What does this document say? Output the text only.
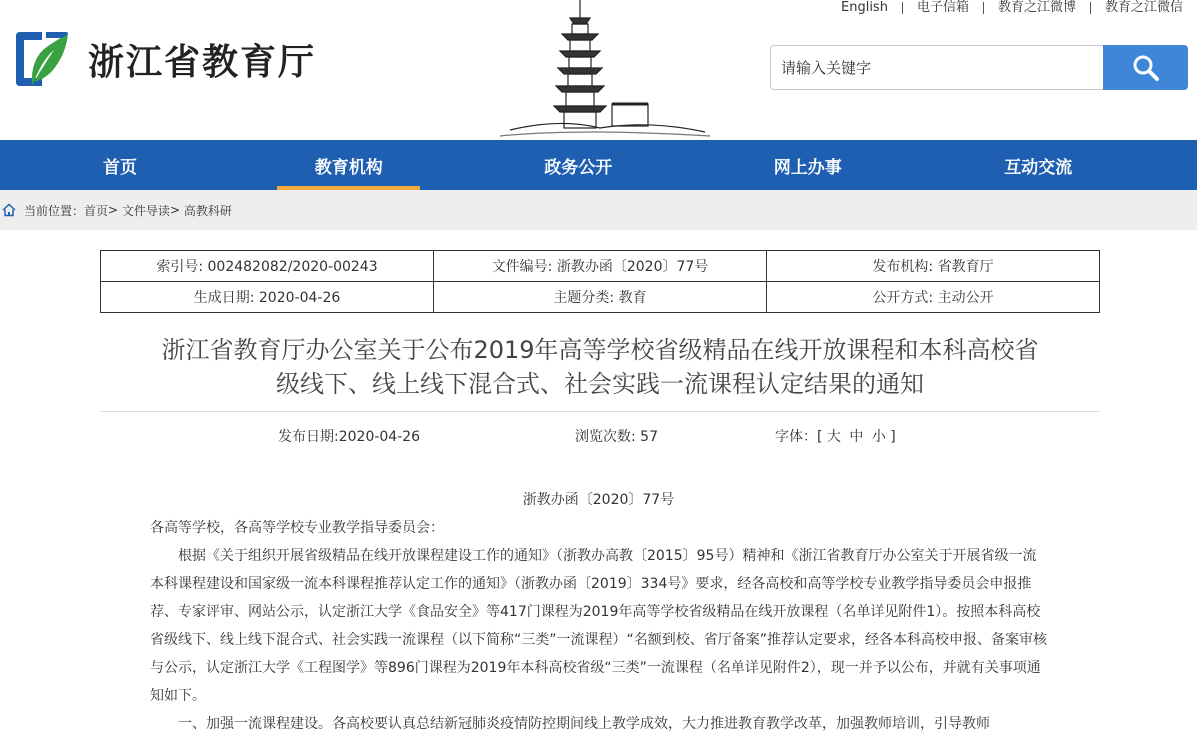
English	电子信箱	教育之江微博	教育之江微信
浙江省教育厅
请输入关键字
首页	教育机构	政务公开	网上办事	互动交流
当前位置： 首页 >
文件导读 >
高教科研
索引号: 002482082/2020-00243	文件编号: 浙教办函〔2020〕77号	发布机构: 省教育厅
生成日期: 2020-04-26	主题分类: 教育	公开方式: 主动公开
浙江省教育厅办公室关于公布2019年高等学校省级精品在线开放课程和本科高校省
级线下、线上线下混合式、社会实践一流课程认定结果的通知
发布日期:2020-04-26	浏览次数: 57	字体：[ 大 中 小 ]
浙教办函〔2020〕77号

各高等学校，各高等学校专业教学指导委员会：

根据《关于组织开展省级精品在线开放课程建设工作的通知》（浙教办高教〔2015〕95号）精神和《浙江省教育厅办公室关于开展省级一流本科课程建设和国家级一流本科课程推荐认定工作的通知》（浙教办函〔2019〕334号》要求，经各高校和高等学校专业教学指导委员会申报推荐、专家评审、网站公示，认定浙江大学《食品安全》等417门课程为2019年高等学校省级精品在线开放课程（名单详见附件1）。按照本科高校省级线下、线上线下混合式、社会实践一流课程（以下简称“三类”一流课程）“名额到校、省厅备案”推荐认定要求，经各本科高校申报、备案审核与公示，认定浙江大学《工程图学》等896门课程为2019年本科高校省级“三类”一流课程（名单详见附件2），现一并予以公布，并就有关事项通知如下。

一、加强一流课程建设。各高校要认真总结新冠肺炎疫情防控期间线上教学成效，大力推进教育教学改革，加强教师培训，引导教师
